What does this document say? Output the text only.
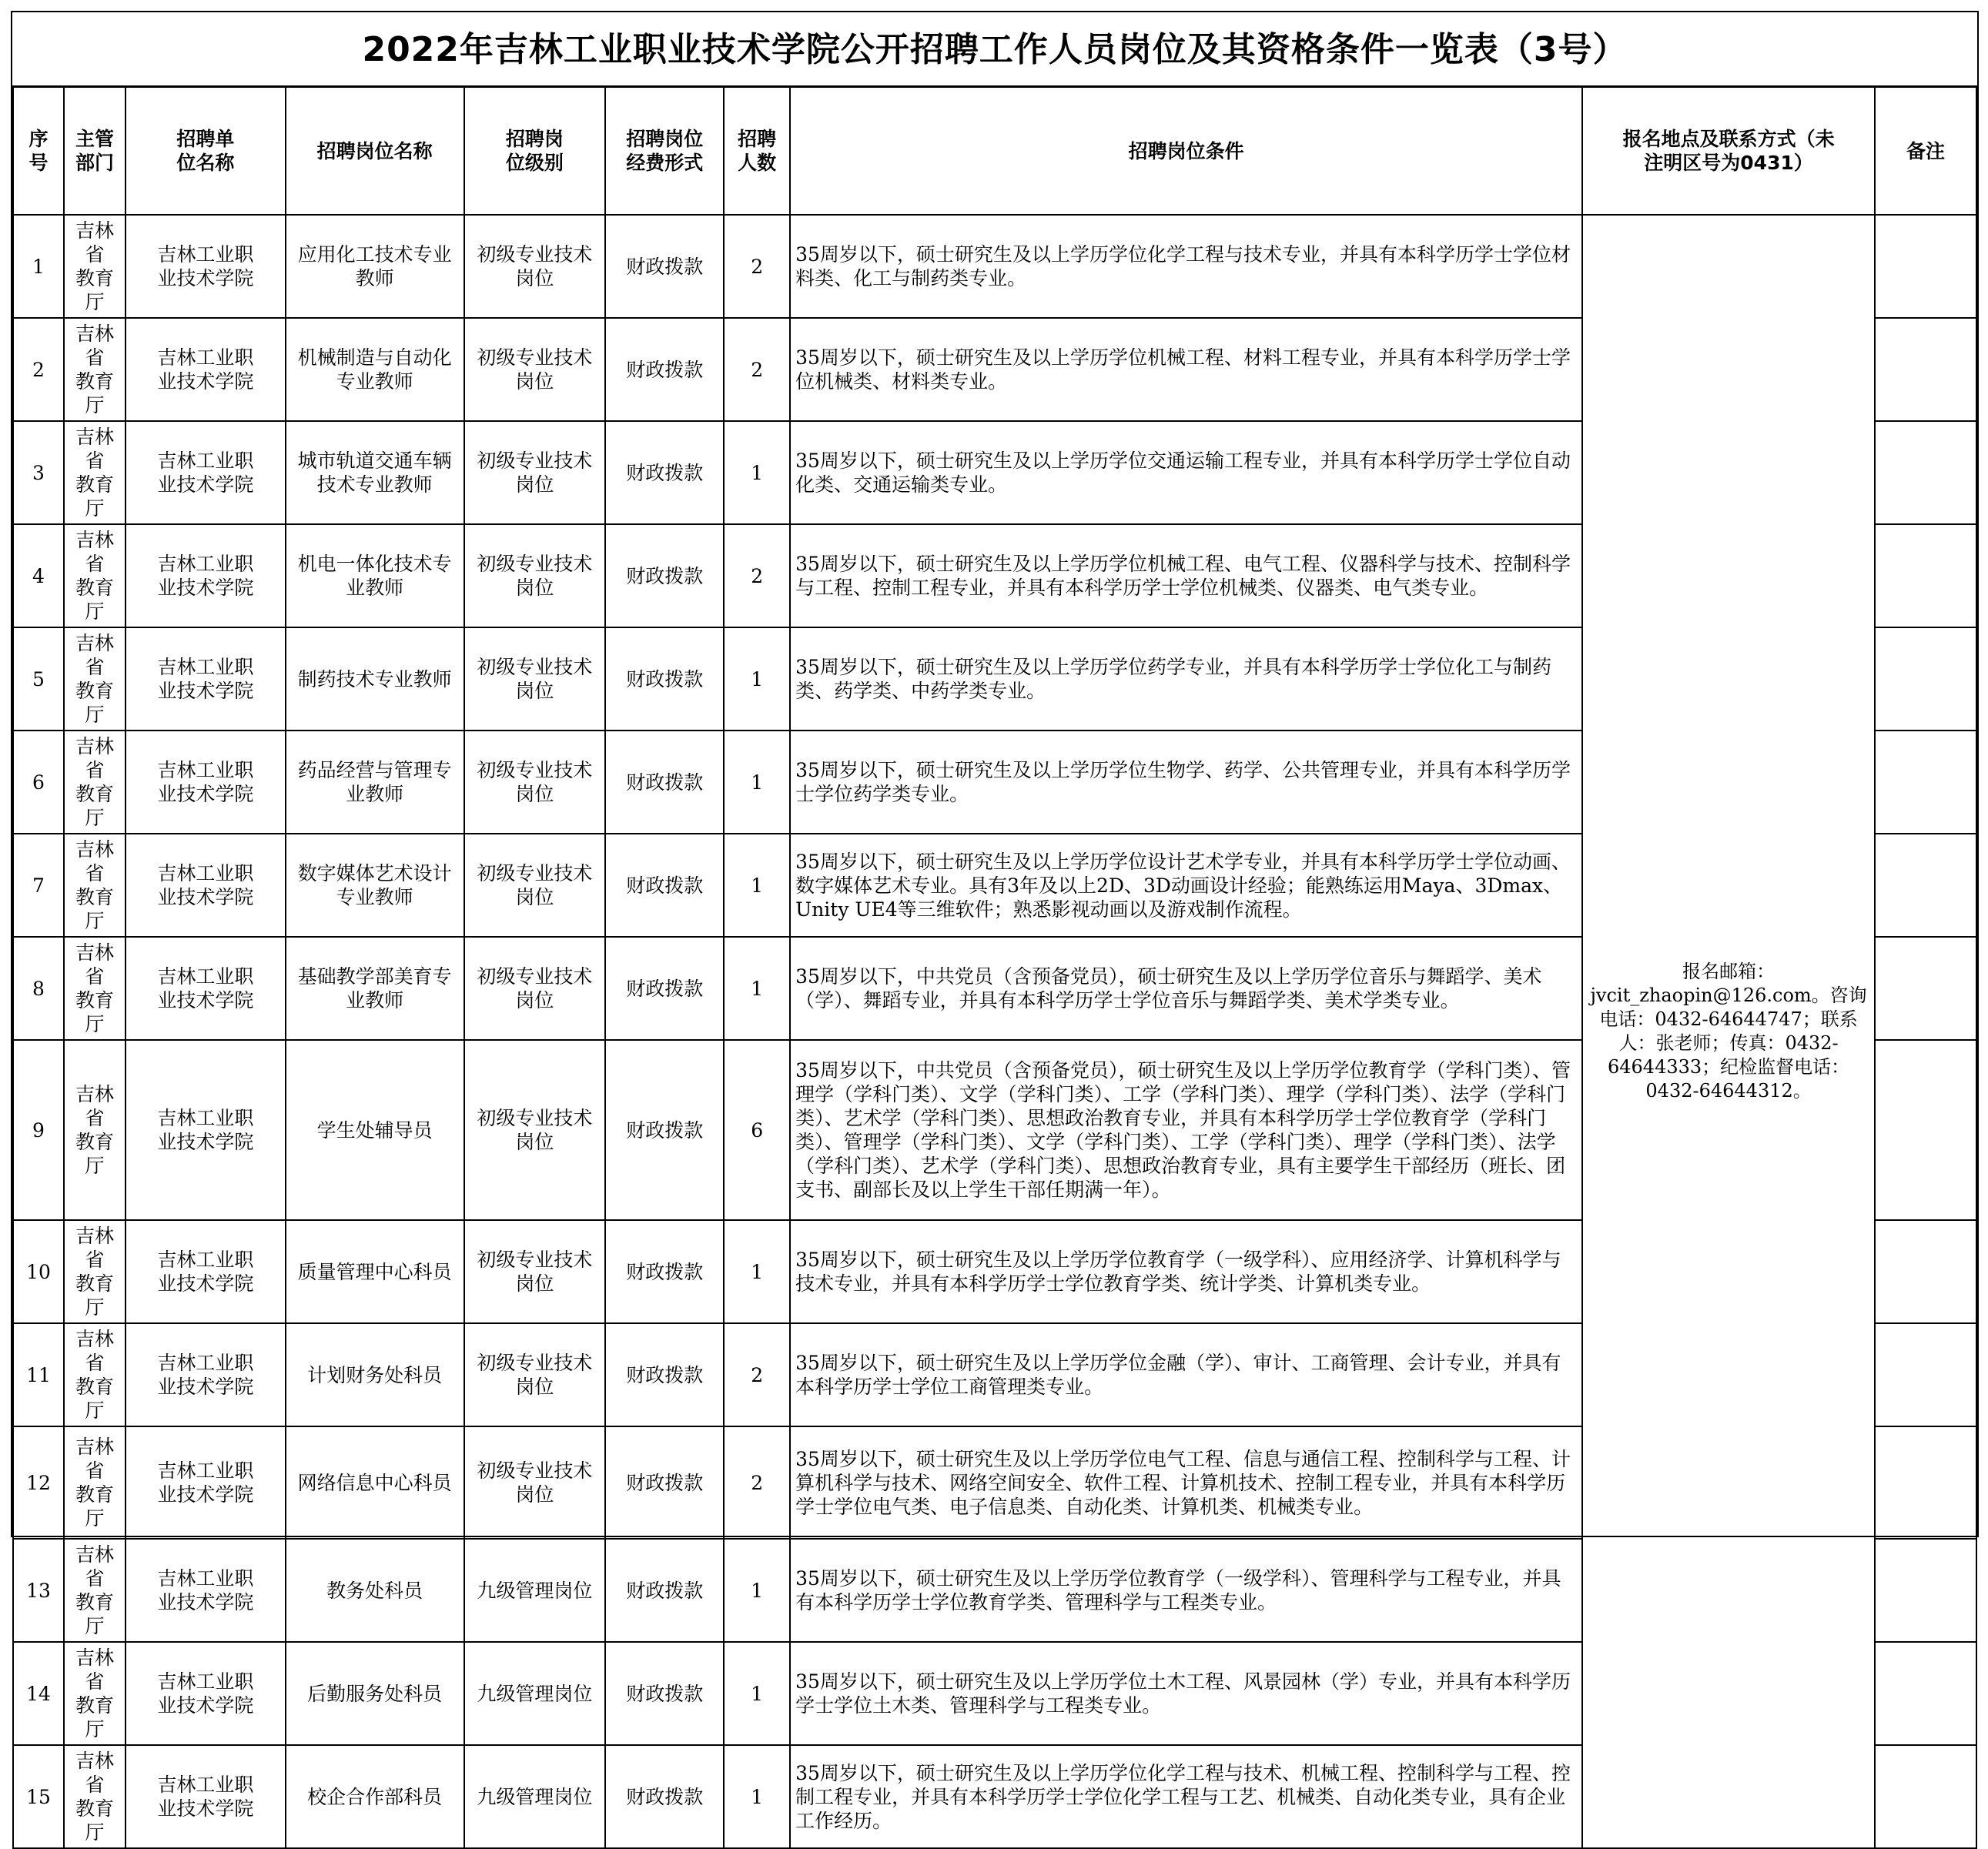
2022年吉林工业职业技术学院公开招聘工作人员岗位及其资格条件一览表（3号）
序
号	主管
部门	招聘单
位名称	招聘岗位名称	招聘岗
位级别	招聘岗位
经费形式	招聘
人数	招聘岗位条件	报名地点及联系方式（未
注明区号为0431）	备注
1	吉林省
教育厅	吉林工业职
业技术学院	应用化工技术专业
教师	初级专业技术
岗位	财政拨款	2	35周岁以下，硕士研究生及以上学历学位化学工程与技术专业，并具有本科学历学士学位材料类、化工与制药类专业。	报名邮箱：
jvcit_zhaopin@126.com。咨询电话：0432-64644747；联系人：张老师；传真：0432-64644333；纪检监督电话：0432-64644312。	
2	吉林省
教育厅	吉林工业职
业技术学院	机械制造与自动化
专业教师	初级专业技术
岗位	财政拨款	2	35周岁以下，硕士研究生及以上学历学位机械工程、材料工程专业，并具有本科学历学士学位机械类、材料类专业。		
3	吉林省
教育厅	吉林工业职
业技术学院	城市轨道交通车辆
技术专业教师	初级专业技术
岗位	财政拨款	1	35周岁以下，硕士研究生及以上学历学位交通运输工程专业，并具有本科学历学士学位自动化类、交通运输类专业。		
4	吉林省
教育厅	吉林工业职
业技术学院	机电一体化技术专
业教师	初级专业技术
岗位	财政拨款	2	35周岁以下，硕士研究生及以上学历学位机械工程、电气工程、仪器科学与技术、控制科学与工程、控制工程专业，并具有本科学历学士学位机械类、仪器类、电气类专业。		
5	吉林省
教育厅	吉林工业职
业技术学院	制药技术专业教师	初级专业技术
岗位	财政拨款	1	35周岁以下，硕士研究生及以上学历学位药学专业，并具有本科学历学士学位化工与制药类、药学类、中药学类专业。		
6	吉林省
教育厅	吉林工业职
业技术学院	药品经营与管理专
业教师	初级专业技术
岗位	财政拨款	1	35周岁以下，硕士研究生及以上学历学位生物学、药学、公共管理专业，并具有本科学历学士学位药学类专业。		
7	吉林省
教育厅	吉林工业职
业技术学院	数字媒体艺术设计
专业教师	初级专业技术
岗位	财政拨款	1	35周岁以下，硕士研究生及以上学历学位设计艺术学专业，并具有本科学历学士学位动画、数字媒体艺术专业。具有3年及以上2D、3D动画设计经验；能熟练运用Maya、3Dmax、Unity UE4等三维软件；熟悉影视动画以及游戏制作流程。		
8	吉林省
教育厅	吉林工业职
业技术学院	基础教学部美育专
业教师	初级专业技术
岗位	财政拨款	1	35周岁以下，中共党员（含预备党员），硕士研究生及以上学历学位音乐与舞蹈学、美术（学）、舞蹈专业，并具有本科学历学士学位音乐与舞蹈学类、美术学类专业。		
9	吉林省
教育厅	吉林工业职
业技术学院	学生处辅导员	初级专业技术
岗位	财政拨款	6	35周岁以下，中共党员（含预备党员），硕士研究生及以上学历学位教育学（学科门类）、管理学（学科门类）、文学（学科门类）、工学（学科门类）、理学（学科门类）、法学（学科门类）、艺术学（学科门类）、思想政治教育专业，并具有本科学历学士学位教育学（学科门类）、管理学（学科门类）、文学（学科门类）、工学（学科门类）、理学（学科门类）、法学（学科门类）、艺术学（学科门类）、思想政治教育专业，具有主要学生干部经历（班长、团支书、副部长及以上学生干部任期满一年）。		
10	吉林省
教育厅	吉林工业职
业技术学院	质量管理中心科员	初级专业技术
岗位	财政拨款	1	35周岁以下，硕士研究生及以上学历学位教育学（一级学科）、应用经济学、计算机科学与技术专业，并具有本科学历学士学位教育学类、统计学类、计算机类专业。		
11	吉林省
教育厅	吉林工业职
业技术学院	计划财务处科员	初级专业技术
岗位	财政拨款	2	35周岁以下，硕士研究生及以上学历学位金融（学）、审计、工商管理、会计专业，并具有本科学历学士学位工商管理类专业。		
12	吉林省
教育厅	吉林工业职
业技术学院	网络信息中心科员	初级专业技术
岗位	财政拨款	2	35周岁以下，硕士研究生及以上学历学位电气工程、信息与通信工程、控制科学与工程、计算机科学与技术、网络空间安全、软件工程、计算机技术、控制工程专业，并具有本科学历学士学位电气类、电子信息类、自动化类、计算机类、机械类专业。		
13	吉林省
教育厅	吉林工业职
业技术学院	教务处科员	九级管理岗位	财政拨款	1	35周岁以下，硕士研究生及以上学历学位教育学（一级学科）、管理科学与工程专业，并具有本科学历学士学位教育学类、管理科学与工程类专业。		
14	吉林省
教育厅	吉林工业职
业技术学院	后勤服务处科员	九级管理岗位	财政拨款	1	35周岁以下，硕士研究生及以上学历学位土木工程、风景园林（学）专业，并具有本科学历学士学位土木类、管理科学与工程类专业。		
15	吉林省
教育厅	吉林工业职
业技术学院	校企合作部科员	九级管理岗位	财政拨款	1	35周岁以下，硕士研究生及以上学历学位化学工程与技术、机械工程、控制科学与工程、控制工程专业，并具有本科学历学士学位化学工程与工艺、机械类、自动化类专业，具有企业工作经历。		
